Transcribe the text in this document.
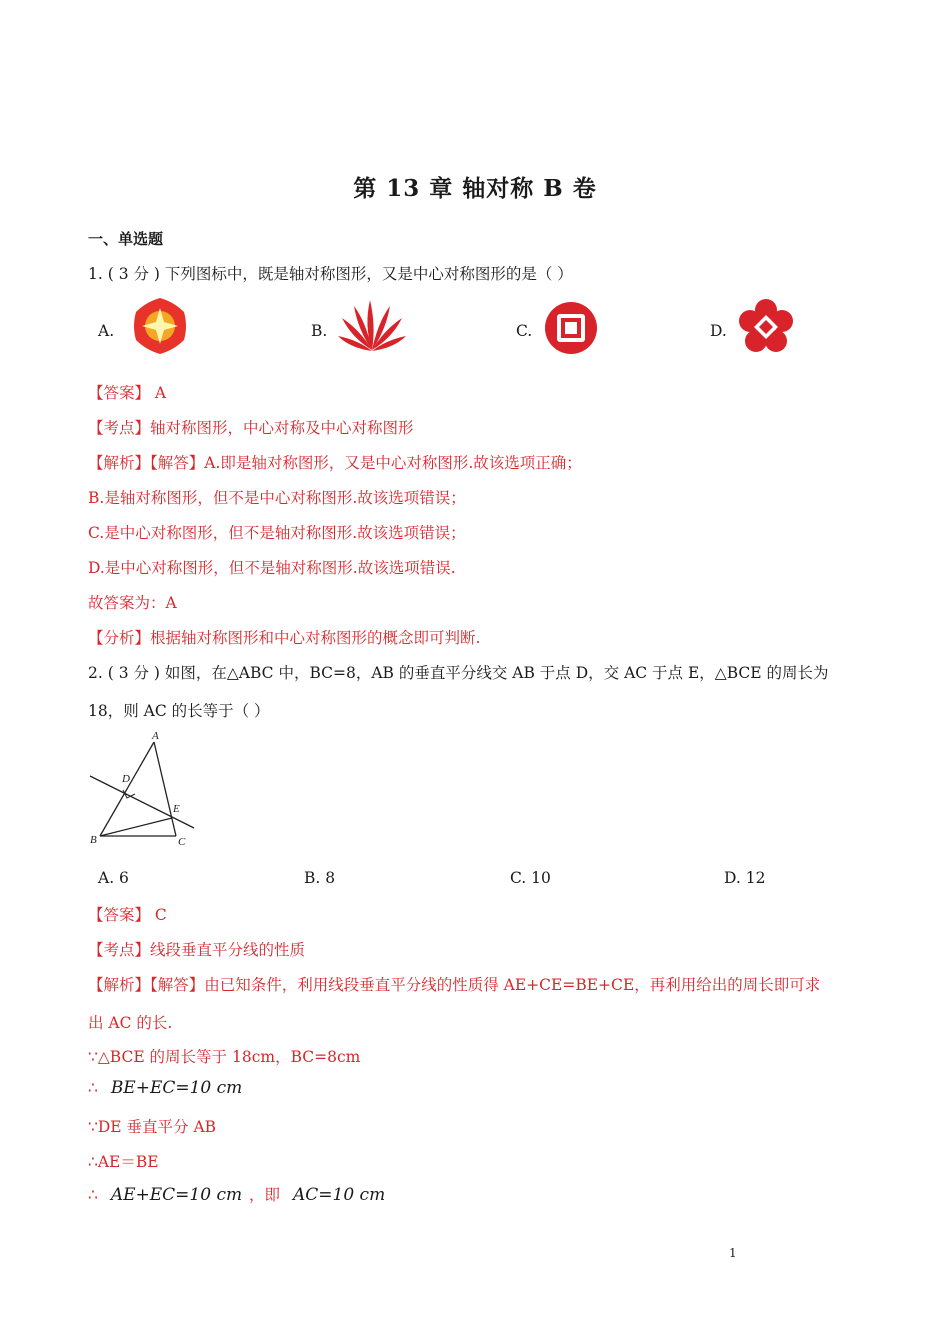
第 13 章 轴对称 B 卷
一、单选题
1. ( 3 分 ) 下列图标中，既是轴对称图形，又是中心对称图形的是（ ）
A.	B.	C.	D.
【答案】 A
【考点】轴对称图形，中心对称及中心对称图形
【解析】【解答】A.即是轴对称图形，又是中心对称图形.故该选项正确；
B.是轴对称图形，但不是中心对称图形.故该选项错误；
C.是中心对称图形，但不是轴对称图形.故该选项错误；
D.是中心对称图形，但不是轴对称图形.故该选项错误.
故答案为：A
【分析】根据轴对称图形和中心对称图形的概念即可判断.
2. ( 3 分 ) 如图，在△ABC 中，BC=8，AB 的垂直平分线交 AB 于点 D，交 AC 于点 E，△BCE 的周长为
18，则 AC 的长等于（ ）
A
B	C
D
E
A. 6	B. 8	C. 10	D. 12
【答案】 C
【考点】线段垂直平分线的性质
【解析】【解答】由已知条件，利用线段垂直平分线的性质得 AE+CE=BE+CE，再利用给出的周长即可求
出 AC 的长.
∵△BCE 的周长等于 18cm，BC=8cm
∴ BE+EC=10 cm
∵DE 垂直平分 AB
∴AE＝BE
∴ AE+EC=10 cm ，即 AC=10 cm
1
